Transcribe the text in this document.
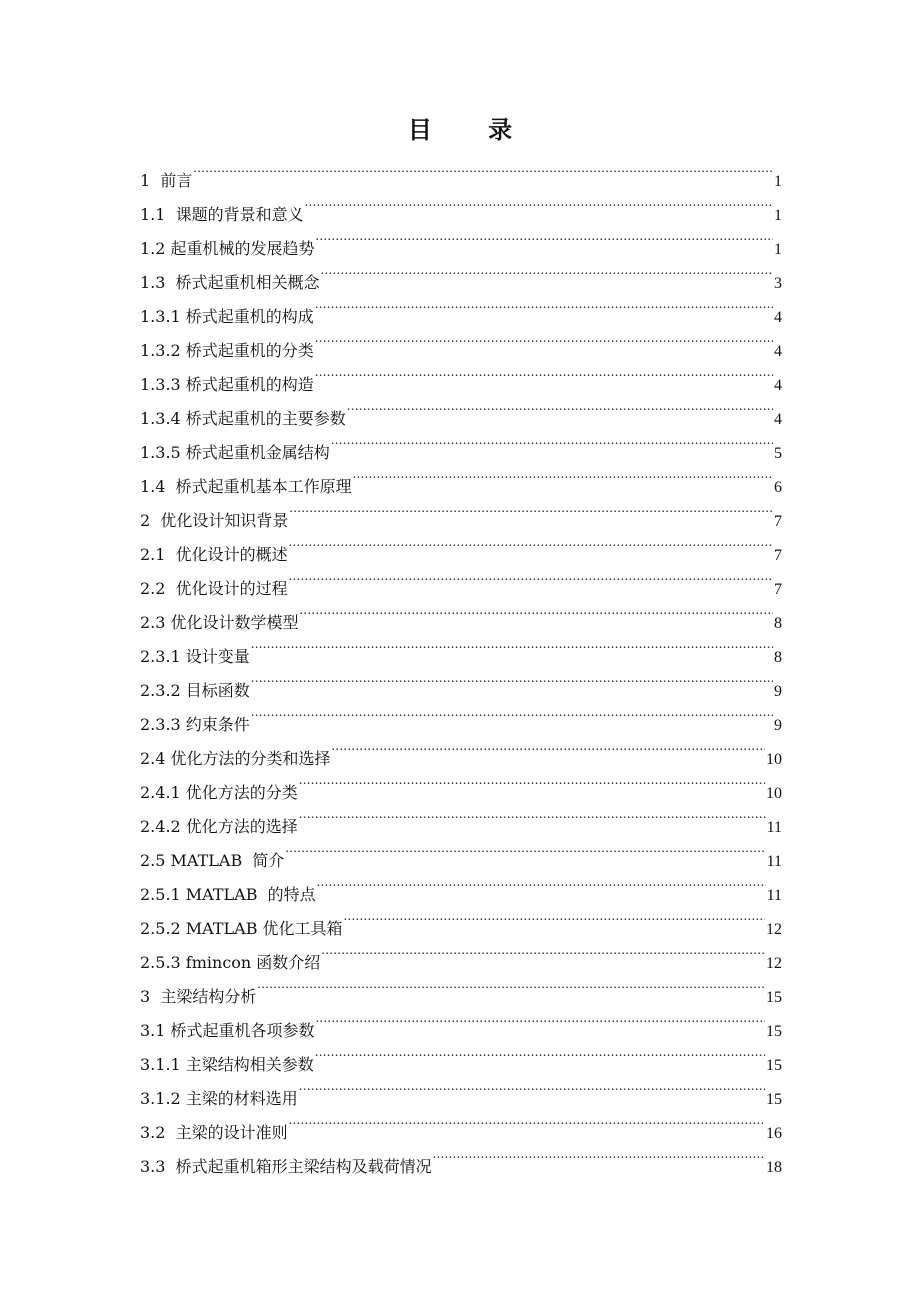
目 录
1  前言 .....	1
1.1  课题的背景和意义 .....	1
1.2 起重机械的发展趋势 .....	1
1.3  桥式起重机相关概念 .....	3
1.3.1 桥式起重机的构成 .....	4
1.3.2 桥式起重机的分类 .....	4
1.3.3 桥式起重机的构造 .....	4
1.3.4 桥式起重机的主要参数 .....	4
1.3.5 桥式起重机金属结构 .....	5
1.4  桥式起重机基本工作原理 .....	6
2  优化设计知识背景 .....	7
2.1  优化设计的概述 .....	7
2.2  优化设计的过程 .....	7
2.3 优化设计数学模型 .....	8
2.3.1 设计变量 .....	8
2.3.2 目标函数 .....	9
2.3.3 约束条件 .....	9
2.4 优化方法的分类和选择 .....	10
2.4.1 优化方法的分类 .....	10
2.4.2 优化方法的选择 .....	11
2.5 MATLAB  简介 .....	11
2.5.1 MATLAB  的特点 .....	11
2.5.2 MATLAB 优化工具箱 .....	12
2.5.3 fmincon 函数介绍 .....	12
3  主梁结构分析 .....	15
3.1 桥式起重机各项参数 .....	15
3.1.1 主梁结构相关参数 .....	15
3.1.2 主梁的材料选用 .....	15
3.2  主梁的设计准则 .....	16
3.3  桥式起重机箱形主梁结构及载荷情况 .....	18
